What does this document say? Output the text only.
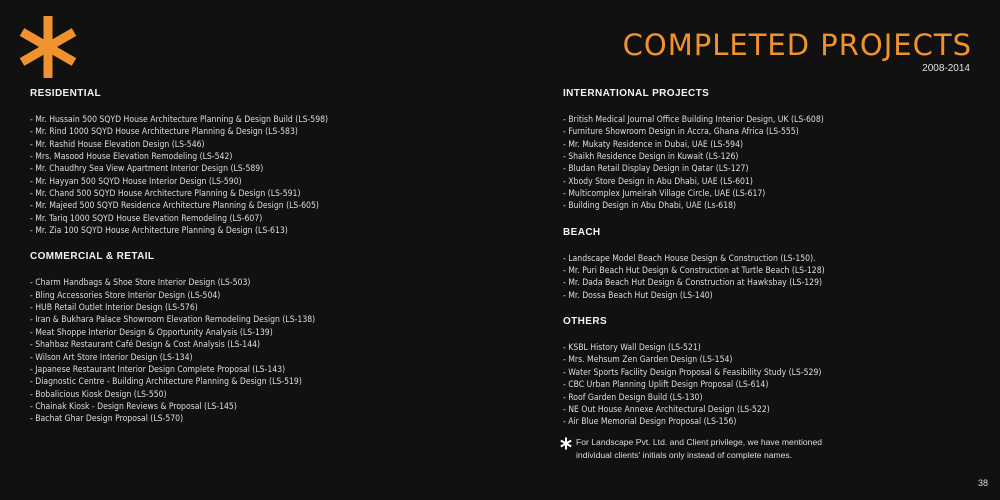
COMPLETED PROJECTS
2008-2014
RESIDENTIAL
- Mr. Hussain 500 SQYD House Architecture Planning & Design Build (LS-598)
- Mr. Rind 1000 SQYD House Architecture Planning & Design (LS-583)
- Mr. Rashid House Elevation Design (LS-546)
- Mrs. Masood House Elevation Remodeling (LS-542)
- Mr. Chaudhry Sea View Apartment Interior Design (LS-589)
- Mr. Hayyan 500 SQYD House Interior Design (LS-590)
- Mr. Chand 500 SQYD House Architecture Planning & Design (LS-591)
- Mr. Majeed 500 SQYD Residence Architecture Planning & Design (LS-605)
- Mr. Tariq 1000 SQYD House Elevation Remodeling (LS-607)
- Mr. Zia 100 SQYD House Architecture Planning & Design (LS-613)
COMMERCIAL & RETAIL
- Charm Handbags & Shoe Store Interior Design (LS-503)
- Bling Accessories Store Interior Design (LS-504)
- HUB Retail Outlet Interior Design (LS-576)
- Iran & Bukhara Palace Showroom Elevation Remodeling Design (LS-138)
- Meat Shoppe Interior Design & Opportunity Analysis (LS-139)
- Shahbaz Restaurant Café Design & Cost Analysis (LS-144)
- Wilson Art Store Interior Design (LS-134)
- Japanese Restaurant Interior Design Complete Proposal (LS-143)
- Diagnostic Centre - Building Architecture Planning & Design (LS-519)
- Bobalicious Kiosk Design (LS-550)
- Chainak Kiosk - Design Reviews & Proposal (LS-145)
- Bachat Ghar Design Proposal (LS-570)
INTERNATIONAL PROJECTS
- British Medical Journal Office Building Interior Design, UK (LS-608)
- Furniture Showroom Design in Accra, Ghana Africa (LS-555)
- Mr. Mukaty Residence in Dubai, UAE (LS-594)
- Shaikh Residence Design in Kuwait (LS-126)
- Bludan Retail Display Design in Qatar (LS-127)
- Xbody Store Design in Abu Dhabi, UAE (LS-601)
- Multicomplex Jumeirah Village Circle, UAE (LS-617)
- Building Design in Abu Dhabi, UAE (Ls-618)
BEACH
- Landscape Model Beach House Design & Construction (LS-150).
- Mr. Puri Beach Hut Design & Construction at Turtle Beach (LS-128)
- Mr. Dada Beach Hut Design & Construction at Hawksbay (LS-129)
- Mr. Dossa Beach Hut Design (LS-140)
OTHERS
- KSBL History Wall Design (LS-521)
- Mrs. Mehsum Zen Garden Design (LS-154)
- Water Sports Facility Design Proposal & Feasibility Study (LS-529)
- CBC Urban Planning Uplift Design Proposal (LS-614)
- Roof Garden Design Build (LS-130)
- NE Out House Annexe Architectural Design (LS-522)
- Air Blue Memorial Design Proposal (LS-156)
For Landscape Pvt. Ltd. and Client privilege, we have mentioned individual clients' initials only instead of complete names.
38
